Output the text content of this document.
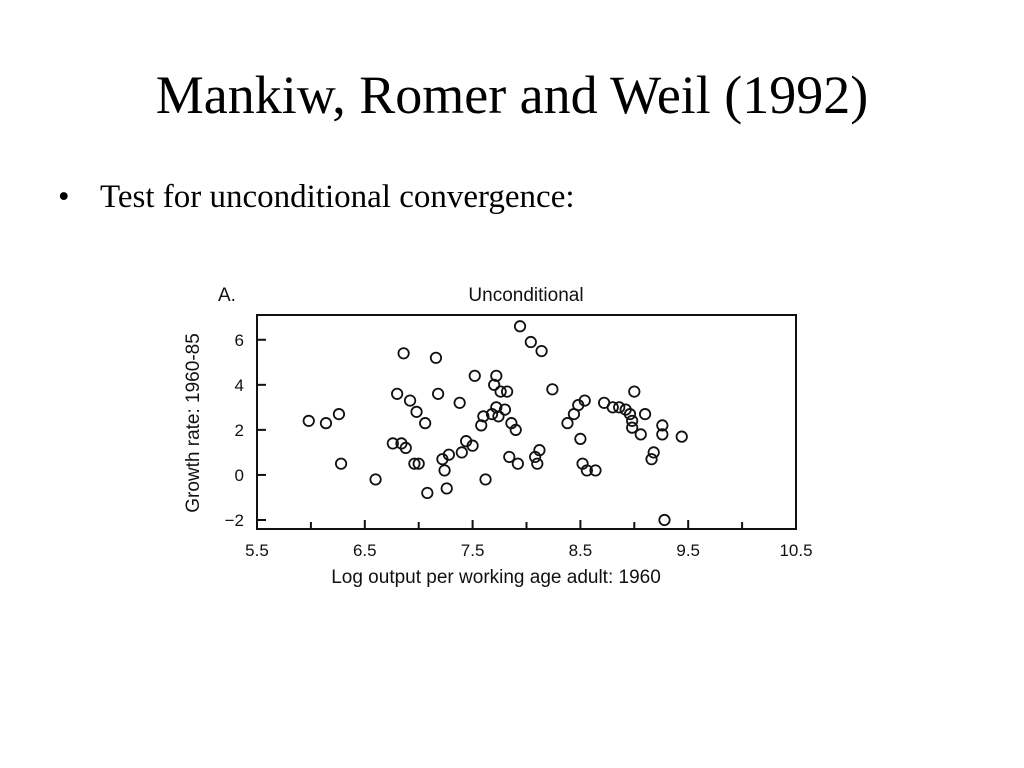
Mankiw, Romer and Weil (1992)
• Test for unconditional convergence:
A.	Unconditional
−2
0
2
4
6
5.5	6.5	7.5	8.5	9.5	10.5
Log output per working age adult: 1960
Growth rate: 1960-85
